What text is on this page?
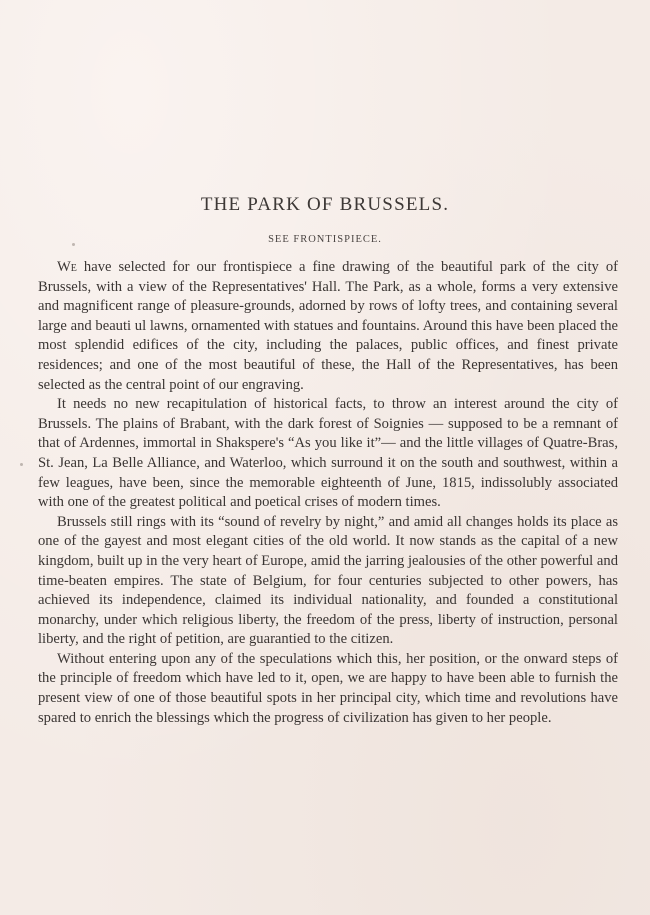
THE PARK OF BRUSSELS.
SEE FRONTISPIECE.

We have selected for our frontispiece a fine drawing of the beautiful park of the city of Brussels, with a view of the Representatives' Hall. The Park, as a whole, forms a very extensive and magnificent range of pleasure-grounds, adorned by rows of lofty trees, and containing several large and beauti ul lawns, ornamented with statues and fountains. Around this have been placed the most splendid edifices of the city, including the palaces, public offices, and finest private residences; and one of the most beautiful of these, the Hall of the Representatives, has been selected as the central point of our engraving.

It needs no new recapitulation of historical facts, to throw an interest around the city of Brussels. The plains of Brabant, with the dark forest of Soignies — supposed to be a remnant of that of Ardennes, immortal in Shakspere's “As you like it”— and the little villages of Quatre-Bras, St. Jean, La Belle Alliance, and Waterloo, which surround it on the south and southwest, within a few leagues, have been, since the memorable eighteenth of June, 1815, indissolubly associated with one of the greatest political and poetical crises of modern times.

Brussels still rings with its “sound of revelry by night,” and amid all changes holds its place as one of the gayest and most elegant cities of the old world. It now stands as the capital of a new kingdom, built up in the very heart of Europe, amid the jarring jealousies of the other powerful and time-beaten empires. The state of Belgium, for four centuries subjected to other powers, has achieved its independence, claimed its individual nationality, and founded a constitutional monarchy, under which religious liberty, the freedom of the press, liberty of instruction, personal liberty, and the right of petition, are guarantied to the citizen.

Without entering upon any of the speculations which this, her position, or the onward steps of the principle of freedom which have led to it, open, we are happy to have been able to furnish the present view of one of those beautiful spots in her principal city, which time and revolutions have spared to enrich the blessings which the progress of civilization has given to her people.
